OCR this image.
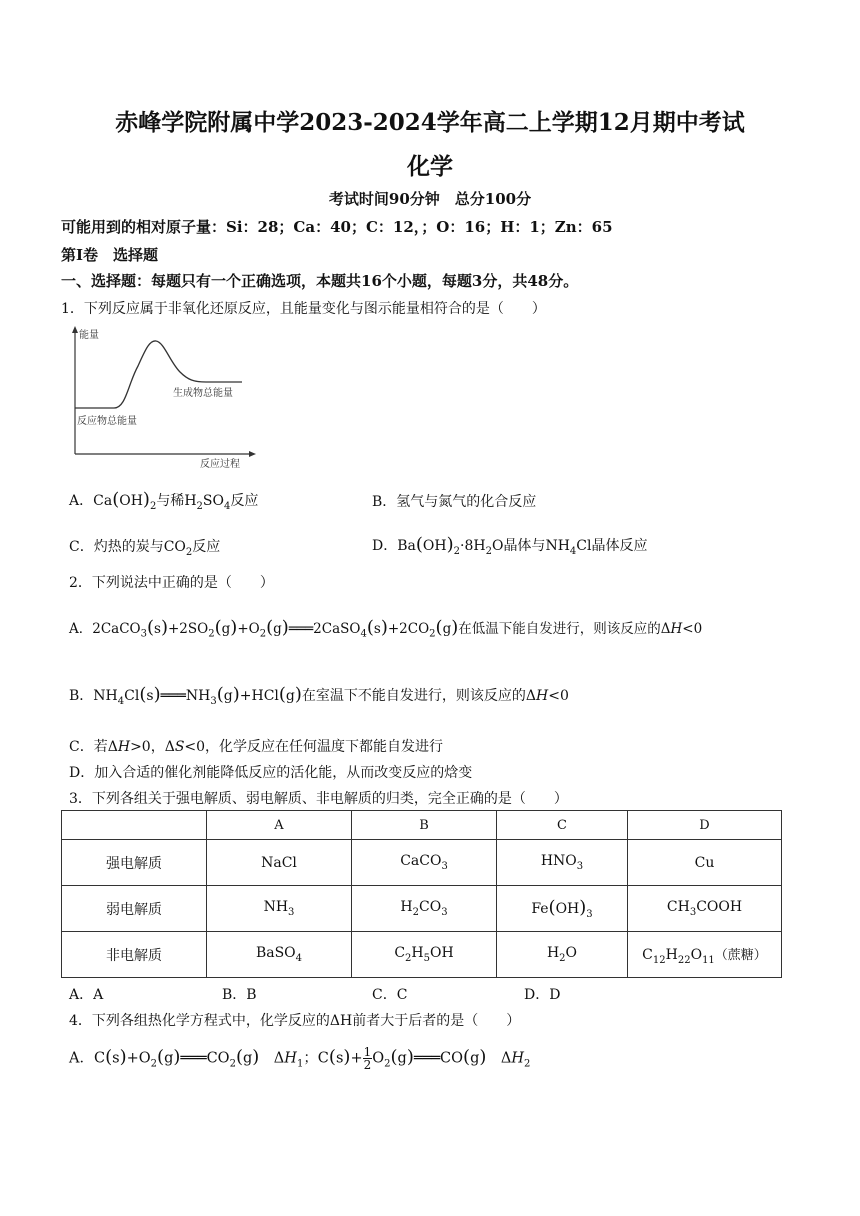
赤峰学院附属中学2023-2024学年高二上学期12月期中考试
化学
考试时间90分钟　总分100分
可能用到的相对原子量：Si：28；Ca：40；C：12，；O：16；H：1；Zn：65
第Ⅰ卷　选择题
一、选择题：每题只有一个正确选项，本题共16个小题，每题3分，共48分。
1．下列反应属于非氧化还原反应，且能量变化与图示能量相符合的是（　　）
能量
生成物总能量
反应物总能量
反应过程
A．$Ca(OH)_2$与稀$H_2SO_4$反应	B．氢气与氮气的化合反应
C．灼热的炭与$CO_2$反应	D．$Ba(OH)_2\cdot 8H_2O$晶体与$NH_4Cl$晶体反应
2．下列说法中正确的是（　　）
A．$2CaCO_3(s)+2SO_2(g)+O_2(g)═══2CaSO_4(s)+2CO_2(g)$在低温下能自发进行，则该反应的ΔH<0
B．$NH_4Cl(s)═══NH_3(g)+HCl(g)$在室温下不能自发进行，则该反应的ΔH<0
C．若ΔH>0，ΔS<0，化学反应在任何温度下都能自发进行
D．加入合适的催化剂能降低反应的活化能，从而改变反应的焓变
3．下列各组关于强电解质、弱电解质、非电解质的归类，完全正确的是（　　）
	A	B	C	D
强电解质	NaCl	CaCO$_3$	$HNO_3$	Cu
弱电解质	$NH_3$	$H_2CO_3$	$Fe(OH)_3$	$CH_3COOH$
非电解质	BaSO$_4$	$C_2H_5OH$	$H_2O$	$C_{12}H_{22}O_{11}$（蔗糖）
A．A	B．B	C．C	D．D
4．下列各组热化学方程式中，化学反应的ΔH前者大于后者的是（　　）
A．$C(s)+O_2(g)═══CO_2(g)$　$\Delta H_1$；$C(s)+ \frac{1}{2}$ $O_2(g)═══CO(g)$　$\Delta H_2$
